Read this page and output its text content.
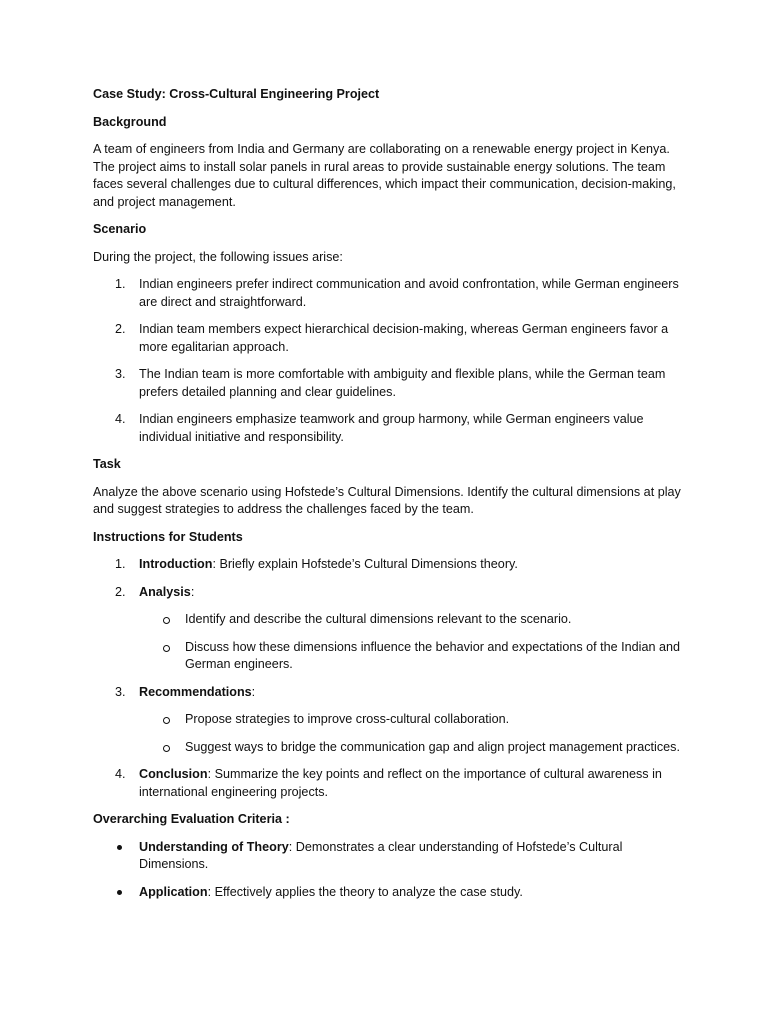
Case Study: Cross-Cultural Engineering Project

Background

A team of engineers from India and Germany are collaborating on a renewable energy project in Kenya. The project aims to install solar panels in rural areas to provide sustainable energy solutions. The team faces several challenges due to cultural differences, which impact their communication, decision-making, and project management.

Scenario

During the project, the following issues arise:

1. Indian engineers prefer indirect communication and avoid confrontation, while German engineers are direct and straightforward.
2. Indian team members expect hierarchical decision-making, whereas German engineers favor a more egalitarian approach.
3. The Indian team is more comfortable with ambiguity and flexible plans, while the German team prefers detailed planning and clear guidelines.
4. Indian engineers emphasize teamwork and group harmony, while German engineers value individual initiative and responsibility.

Task

Analyze the above scenario using Hofstede’s Cultural Dimensions. Identify the cultural dimensions at play and suggest strategies to address the challenges faced by the team.

Instructions for Students

1. Introduction: Briefly explain Hofstede’s Cultural Dimensions theory.
2. Analysis:
Identify and describe the cultural dimensions relevant to the scenario.
Discuss how these dimensions influence the behavior and expectations of the Indian and German engineers.
3. Recommendations:
Propose strategies to improve cross-cultural collaboration.
Suggest ways to bridge the communication gap and align project management practices.
4. Conclusion: Summarize the key points and reflect on the importance of cultural awareness in international engineering projects.

Overarching Evaluation Criteria :

Understanding of Theory: Demonstrates a clear understanding of Hofstede’s Cultural Dimensions.
Application: Effectively applies the theory to analyze the case study.
